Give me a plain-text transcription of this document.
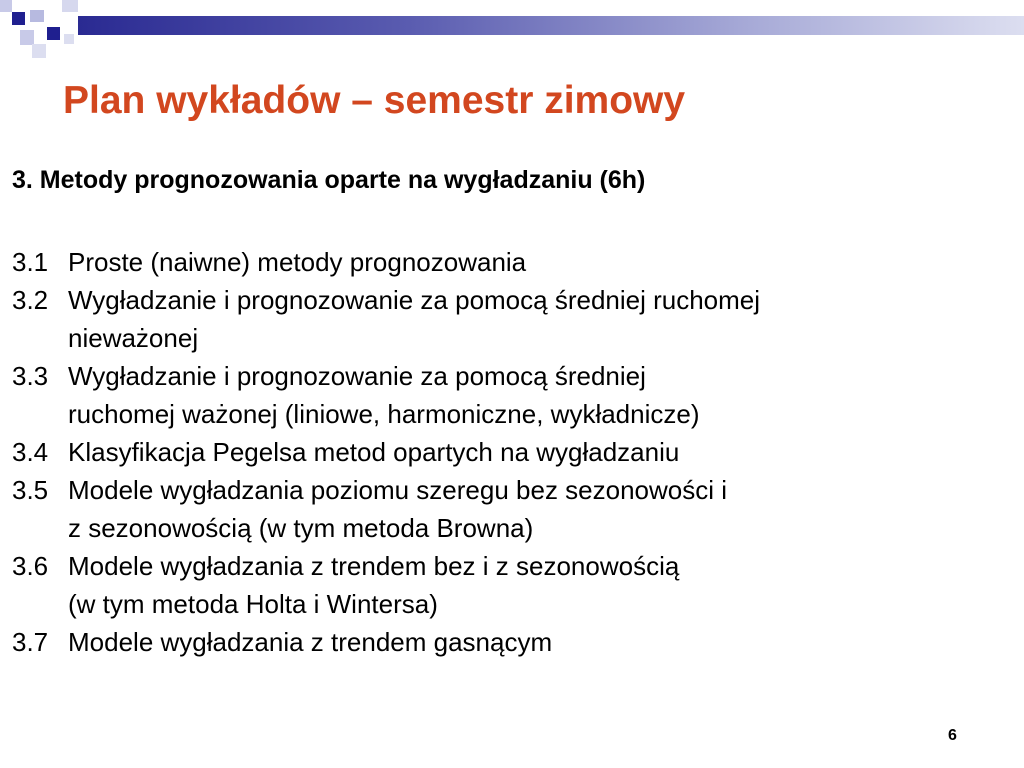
Plan wykładów – semestr zimowy
3. Metody prognozowania oparte na wygładzaniu (6h)
3.1 Proste (naiwne) metody prognozowania
3.2 Wygładzanie i prognozowanie za pomocą średniej ruchomej
nieważonej
3.3 Wygładzanie i prognozowanie za pomocą średniej
ruchomej ważonej (liniowe, harmoniczne, wykładnicze)
3.4 Klasyfikacja Pegelsa metod opartych na wygładzaniu
3.5 Modele wygładzania poziomu szeregu bez sezonowości i
z sezonowością (w tym metoda Browna)
3.6 Modele wygładzania z trendem bez i z sezonowością
(w tym metoda Holta i Wintersa)
3.7 Modele wygładzania z trendem gasnącym
6
